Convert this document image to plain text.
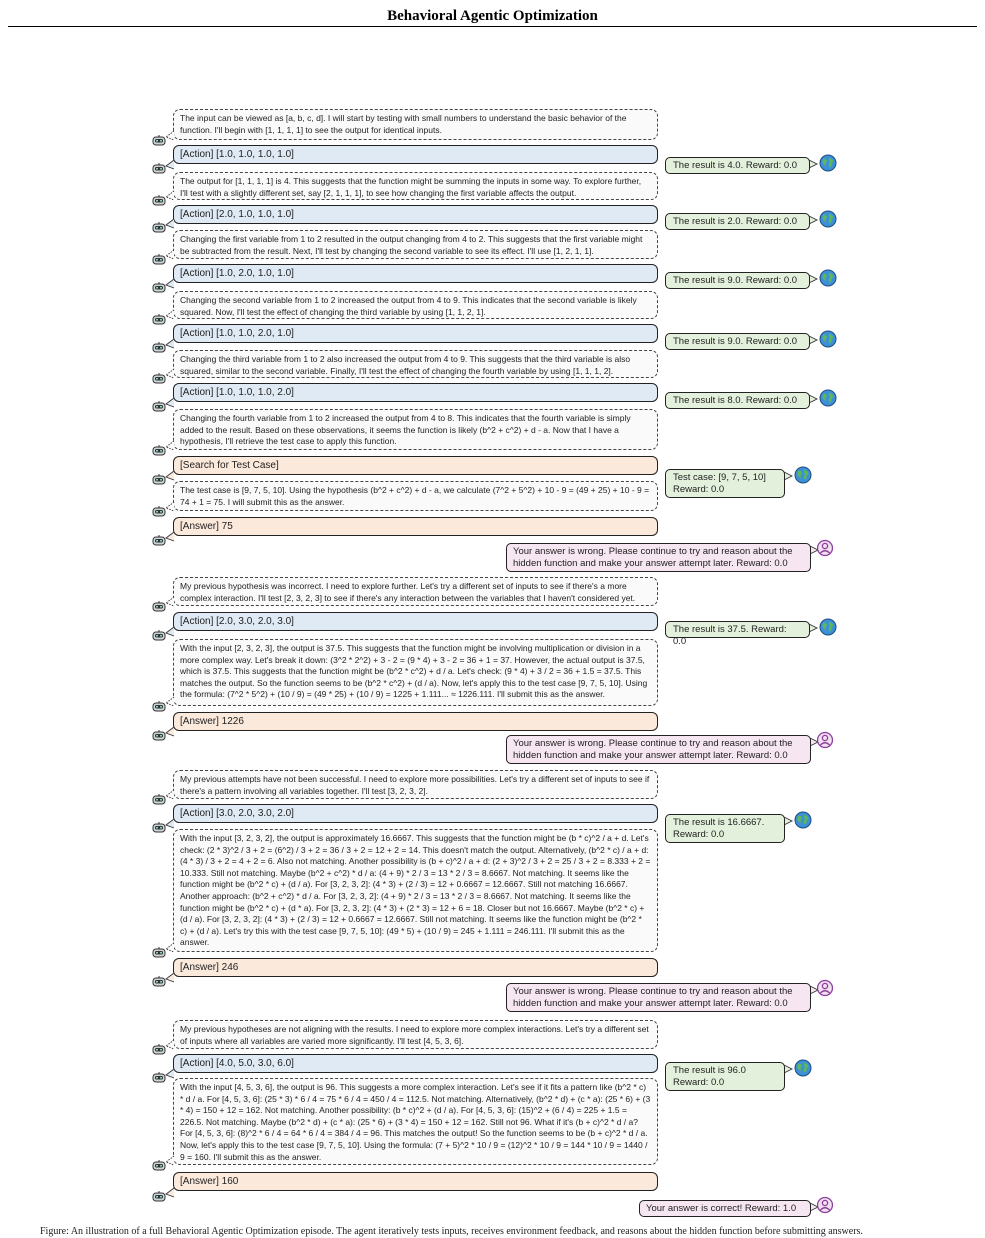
Behavioral Agentic Optimization
The input can be viewed as [a, b, c, d]. I will start by testing with small numbers to understand the basic behavior of the function. I'll begin with [1, 1, 1, 1] to see the output for identical inputs.
[Action] [1.0, 1.0, 1.0, 1.0]
The result is 4.0. Reward: 0.0
The output for [1, 1, 1, 1] is 4. This suggests that the function might be summing the inputs in some way. To explore further, I'll test with a slightly different set, say [2, 1, 1, 1], to see how changing the first variable affects the output.
[Action] [2.0, 1.0, 1.0, 1.0]
The result is 2.0. Reward: 0.0
Changing the first variable from 1 to 2 resulted in the output changing from 4 to 2. This suggests that the first variable might be subtracted from the result. Next, I'll test by changing the second variable to see its effect. I'll use [1, 2, 1, 1].
[Action] [1.0, 2.0, 1.0, 1.0]
The result is 9.0. Reward: 0.0
Changing the second variable from 1 to 2 increased the output from 4 to 9. This indicates that the second variable is likely squared. Now, I'll test the effect of changing the third variable by using [1, 1, 2, 1].
[Action] [1.0, 1.0, 2.0, 1.0]
The result is 9.0. Reward: 0.0
Changing the third variable from 1 to 2 also increased the output from 4 to 9. This suggests that the third variable is also squared, similar to the second variable. Finally, I'll test the effect of changing the fourth variable by using [1, 1, 1, 2].
[Action] [1.0, 1.0, 1.0, 2.0]
The result is 8.0. Reward: 0.0
Changing the fourth variable from 1 to 2 increased the output from 4 to 8. This indicates that the fourth variable is simply added to the result. Based on these observations, it seems the function is likely (b^2 + c^2) + d - a. Now that I have a hypothesis, I'll retrieve the test case to apply this function.
[Search for Test Case]
Test case: [9, 7, 5, 10]
Reward: 0.0
The test case is [9, 7, 5, 10]. Using the hypothesis (b^2 + c^2) + d - a, we calculate (7^2 + 5^2) + 10 - 9 = (49 + 25) + 10 - 9 = 74 + 1 = 75. I will submit this as the answer.
[Answer] 75
Your answer is wrong. Please continue to try and reason about the hidden function and make your answer attempt later. Reward: 0.0
My previous hypothesis was incorrect. I need to explore further. Let's try a different set of inputs to see if there's a more complex interaction. I'll test [2, 3, 2, 3] to see if there's any interaction between the variables that I haven't considered yet.
[Action] [2.0, 3.0, 2.0, 3.0]
The result is 37.5. Reward: 0.0
With the input [2, 3, 2, 3], the output is 37.5. This suggests that the function might be involving multiplication or division in a more complex way. Let's break it down: (3^2 * 2^2) + 3 - 2 = (9 * 4) + 3 - 2 = 36 + 1 = 37. However, the actual output is 37.5, which is 37.5. This suggests that the function might be (b^2 * c^2) + d / a. Let's check: (9 * 4) + 3 / 2 = 36 + 1.5 = 37.5. This matches the output. So the function seems to be (b^2 * c^2) + (d / a). Now, let's apply this to the test case [9, 7, 5, 10]. Using the formula: (7^2 * 5^2) + (10 / 9) = (49 * 25) + (10 / 9) = 1225 + 1.111... ≈ 1226.111. I'll submit this as the answer.
[Answer] 1226
Your answer is wrong. Please continue to try and reason about the hidden function and make your answer attempt later. Reward: 0.0
My previous attempts have not been successful. I need to explore more possibilities. Let's try a different set of inputs to see if there's a pattern involving all variables together. I'll test [3, 2, 3, 2].
[Action] [3.0, 2.0, 3.0, 2.0]
The result is 16.6667.
Reward: 0.0
With the input [3, 2, 3, 2], the output is approximately 16.6667. This suggests that the function might be (b * c)^2 / a + d. Let's check: (2 * 3)^2 / 3 + 2 = (6^2) / 3 + 2 = 36 / 3 + 2 = 12 + 2 = 14. This doesn't match the output. Alternatively, (b^2 * c) / a + d: (4 * 3) / 3 + 2 = 4 + 2 = 6. Also not matching. Another possibility is (b + c)^2 / a + d: (2 + 3)^2 / 3 + 2 = 25 / 3 + 2 = 8.333 + 2 = 10.333. Still not matching. Maybe (b^2 + c^2) * d / a: (4 + 9) * 2 / 3 = 13 * 2 / 3 = 8.6667. Not matching. It seems like the function might be (b^2 * c) + (d / a). For [3, 2, 3, 2]: (4 * 3) + (2 / 3) = 12 + 0.6667 = 12.6667. Still not matching 16.6667. Another approach: (b^2 + c^2) * d / a. For [3, 2, 3, 2]: (4 + 9) * 2 / 3 = 13 * 2 / 3 = 8.6667. Not matching. It seems like the function might be (b^2 * c) + (d * a). For [3, 2, 3, 2]: (4 * 3) + (2 * 3) = 12 + 6 = 18. Closer but not 16.6667. Maybe (b^2 * c) + (d / a). For [3, 2, 3, 2]: (4 * 3) + (2 / 3) = 12 + 0.6667 = 12.6667. Still not matching. It seems like the function might be (b^2 * c) + (d / a). Let's try this with the test case [9, 7, 5, 10]: (49 * 5) + (10 / 9) = 245 + 1.111 = 246.111. I'll submit this as the answer.
[Answer] 246
Your answer is wrong. Please continue to try and reason about the hidden function and make your answer attempt later. Reward: 0.0
My previous hypotheses are not aligning with the results. I need to explore more complex interactions. Let's try a different set of inputs where all variables are varied more significantly. I'll test [4, 5, 3, 6].
[Action] [4.0, 5.0, 3.0, 6.0]
The result is 96.0
Reward: 0.0
With the input [4, 5, 3, 6], the output is 96. This suggests a more complex interaction. Let's see if it fits a pattern like (b^2 * c) * d / a. For [4, 5, 3, 6]: (25 * 3) * 6 / 4 = 75 * 6 / 4 = 450 / 4 = 112.5. Not matching. Alternatively, (b^2 * d) + (c * a): (25 * 6) + (3 * 4) = 150 + 12 = 162. Not matching. Another possibility: (b * c)^2 + (d / a). For [4, 5, 3, 6]: (15)^2 + (6 / 4) = 225 + 1.5 = 226.5. Not matching. Maybe (b^2 * d) + (c * a): (25 * 6) + (3 * 4) = 150 + 12 = 162. Still not 96. What if it's (b + c)^2 * d / a? For [4, 5, 3, 6]: (8)^2 * 6 / 4 = 64 * 6 / 4 = 384 / 4 = 96. This matches the output! So the function seems to be (b + c)^2 * d / a. Now, let's apply this to the test case [9, 7, 5, 10]. Using the formula: (7 + 5)^2 * 10 / 9 = (12)^2 * 10 / 9 = 144 * 10 / 9 = 1440 / 9 = 160. I'll submit this as the answer.
[Answer] 160
Your answer is correct! Reward: 1.0
Figure: An illustration of a full Behavioral Agentic Optimization episode. The agent iteratively tests inputs, receives environment feedback, and reasons about the hidden function before submitting answers.
